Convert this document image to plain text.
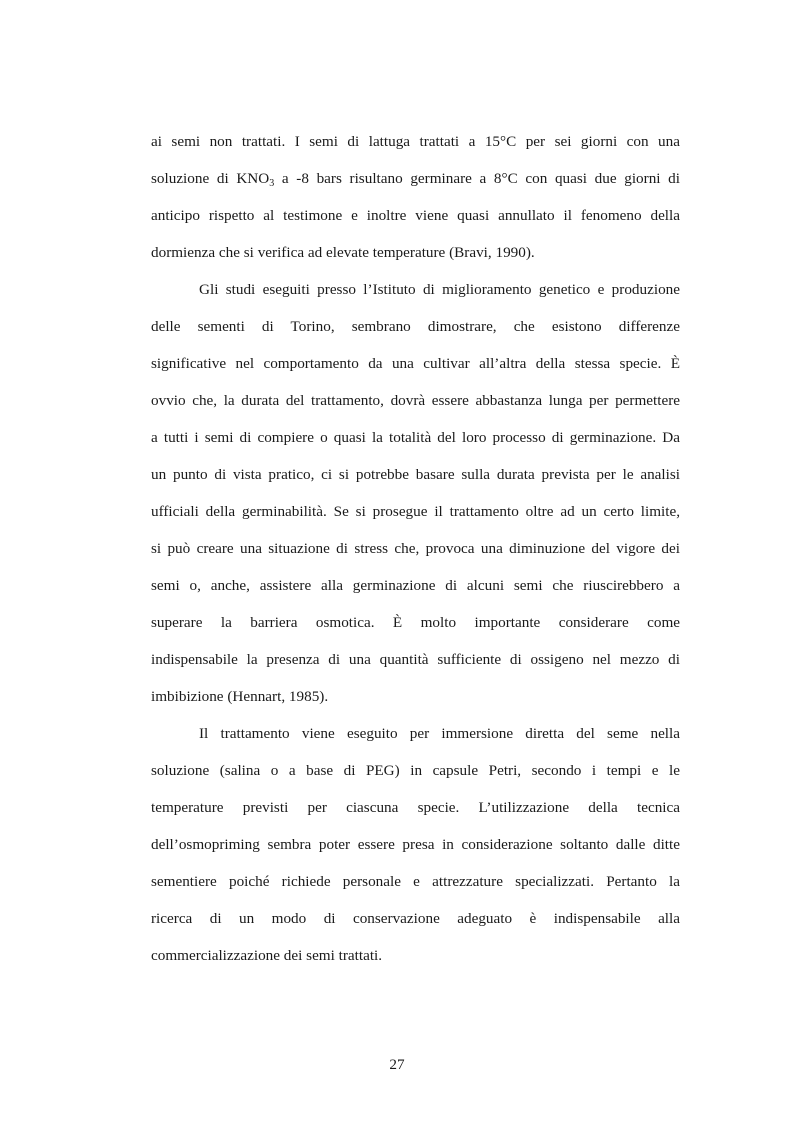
ai semi non trattati. I semi di lattuga trattati a 15°C per sei giorni con una
soluzione di $KNO_3$ a -8 bars risultano germinare a 8°C con quasi due giorni di
anticipo rispetto al testimone e inoltre viene quasi annullato il fenomeno della
dormienza che si verifica ad elevate temperature (Bravi, 1990).

Gli studi eseguiti presso l’Istituto di miglioramento genetico e produzione
delle sementi di Torino, sembrano dimostrare, che esistono differenze
significative nel comportamento da una cultivar all’altra della stessa specie. È
ovvio che, la durata del trattamento, dovrà essere abbastanza lunga per permettere
a tutti i semi di compiere o quasi la totalità del loro processo di germinazione. Da
un punto di vista pratico, ci si potrebbe basare sulla durata prevista per le analisi
ufficiali della germinabilità. Se si prosegue il trattamento oltre ad un certo limite,
si può creare una situazione di stress che, provoca una diminuzione del vigore dei
semi o, anche, assistere alla germinazione di alcuni semi che riuscirebbero a
superare la barriera osmotica. È molto importante considerare come
indispensabile la presenza di una quantità sufficiente di ossigeno nel mezzo di
imbibizione (Hennart, 1985).

Il trattamento viene eseguito per immersione diretta del seme nella
soluzione (salina o a base di PEG) in capsule Petri, secondo i tempi e le
temperature previsti per ciascuna specie. L’utilizzazione della tecnica
dell’osmopriming sembra poter essere presa in considerazione soltanto dalle ditte
sementiere poiché richiede personale e attrezzature specializzati. Pertanto la
ricerca di un modo di conservazione adeguato è indispensabile alla
commercializzazione dei semi trattati.

27
